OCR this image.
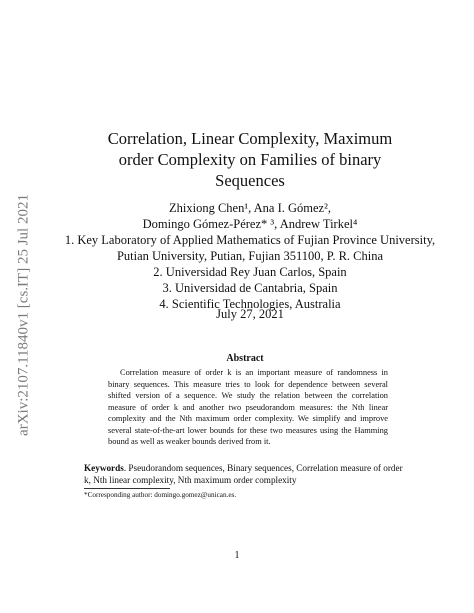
arXiv:2107.11840v1 [cs.IT] 25 Jul 2021
Correlation, Linear Complexity, Maximum
order Complexity on Families of binary
Sequences
Zhixiong Chen¹, Ana I. Gómez²,
Domingo Gómez-Pérez* ³, Andrew Tirkel⁴
1. Key Laboratory of Applied Mathematics of Fujian Province University,
Putian University, Putian, Fujian 351100, P. R. China
2. Universidad Rey Juan Carlos, Spain
3. Universidad de Cantabria, Spain
4. Scientific Technologies, Australia
July 27, 2021
Abstract
Correlation measure of order k is an important measure of randomness in binary sequences. This measure tries to look for dependence between several shifted version of a sequence. We study the relation between the correlation measure of order k and another two pseudorandom measures: the Nth linear complexity and the Nth maximum order complexity. We simplify and improve several state-of-the-art lower bounds for these two measures using the Hamming bound as well as weaker bounds derived from it.
Keywords. Pseudorandom sequences, Binary sequences, Correlation measure of order k, Nth linear complexity, Nth maximum order complexity
*Corresponding author: domingo.gomez@unican.es.
1
